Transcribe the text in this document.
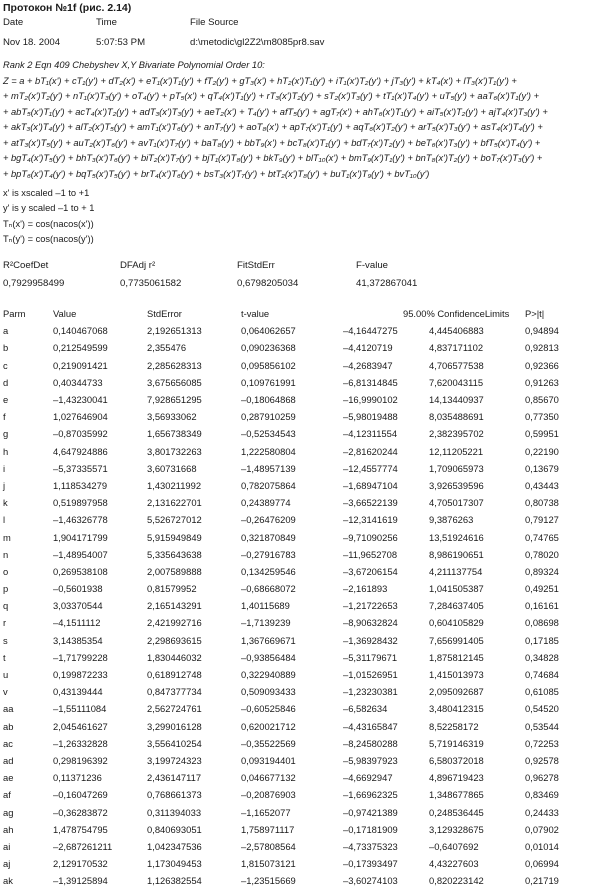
Протокон №1f (рис. 2.14)
Date	Time	File Source
Nov 18. 2004	5:07:53 PM	d:\metodic\gl2Z2\m8085pr8.sav
Rank 2 Eqn 409 Chebyshev X,Y Bivariate Polynomial Order 10:
Z = a + bT₁(x') + cT₁(y') + dT₂(x') + eT₁(x')T₁(y') + fT₂(y') + gT₃(x') + hT₂(x')T₁(y') + iT₁(x')T₂(y') + jT₃(y') + kT₄(x') + lT₃(x')T₁(y') +
+ mT₂(x')T₂(y') + nT₁(x')T₃(y') + oT₄(y') + pT₅(x') + qT₄(x')T₁(y') + rT₃(x')T₂(y') + sT₂(x')T₃(y') + tT₁(x')T₄(y') + uT₅(y') + aaT₆(x')T₁(y') +
+ abT₅(x')T₁(y') + acT₄(x')T₂(y') + adT₃(x')T₃(y') + aeT₂(x') + T₄(y') + afT₅(y') + agT₇(x') + ahT₆(x')T₁(y') + aiT₅(x')T₂(y') + ajT₄(x')T₃(y') +
+ akT₃(x')T₄(y') + alT₂(x')T₅(y') + amT₁(x')T₆(y') + anT₇(y') + aoT₈(x') + apT₇(x')T₁(y') + aqT₆(x')T₂(y') + arT₅(x')T₃(y') + asT₄(x')T₄(y') +
+ atT₃(x')T₅(y') + auT₂(x')T₆(y') + avT₁(x')T₇(y') + baT₈(y') + bbT₉(x') + bcT₈(x')T₁(y') + bdT₇(x')T₂(y') + beT₆(x')T₃(y') + bfT₅(x')T₄(y') +
+ bgT₄(x')T₅(y') + bhT₃(x')T₆(y') + biT₂(x')T₇(y') + bjT₁(x')T₈(y') + bkT₉(y') + blT₁₀(x') + bmT₉(x')T₁(y') + bnT₈(x')T₂(y') + boT₇(x')T₃(y') +
+ bpT₆(x')T₄(y') + bqT₅(x')T₅(y') + brT₄(x')T₆(y') + bsT₃(x')T₇(y') + btT₂(x')T₈(y') + buT₁(x')T₉(y') + bvT₁₀(y')
x' is xscaled –1 to +1
y' is y scaled –1 to + 1
Tₙ(x') = cos(nacos(x'))
Tₙ(y') = cos(nacos(y'))
R²CoefDet	DFAdj r²	FitStdErr	F-value
0,7929958499	0,7735061582	0,6798205034	41,372867041
Parm	Value	StdError	t-value	95.00% ConfidenceLimits		P>|t|
a	0,140467068	2,192651313	0,064062657	–4,16447275	4,445406883	0,94894
b	0,212549599	2,355476	0,090236368	–4,4120719	4,837171102	0,92813
c	0,219091421	2,285628313	0,095856102	–4,2683947	4,706577538	0,92366
d	0,40344733	3,675656085	0,109761991	–6,81314845	7,620043115	0,91263
e	–1,43230041	7,928651295	–0,18064868	–16,9990102	14,13440937	0,85670
f	1,027646904	3,56933062	0,287910259	–5,98019488	8,035488691	0,77350
g	–0,87035992	1,656738349	–0,52534543	–4,12311554	2,382395702	0,59951
h	4,647924886	3,801732263	1,222580804	–2,81620244	12,11205221	0,22190
i	–5,37335571	3,60731668	–1,48957139	–12,4557774	1,709065973	0,13679
j	1,118534279	1,430211992	0,782075864	–1,68947104	3,926539596	0,43443
k	0,519897958	2,131622701	0,24389774	–3,66522139	4,705017307	0,80738
l	–1,46326778	5,526727012	–0,26476209	–12,3141619	9,3876263	0,79127
m	1,904171799	5,915949849	0,321870849	–9,71090256	13,51924616	0,74765
n	–1,48954007	5,335643638	–0,27916783	–11,9652708	8,986190651	0,78020
o	0,269538108	2,007589888	0,134259546	–3,67206154	4,211137754	0,89324
p	–0,5601938	0,81579952	–0,68668072	–2,161893	1,041505387	0,49251
q	3,03370544	2,165143291	1,40115689	–1,21722653	7,284637405	0,16161
r	–4,1511112	2,421992716	–1,7139239	–8,90632824	0,604105829	0,08698
s	3,14385354	2,298693615	1,367669671	–1,36928432	7,656991405	0,17185
t	–1,71799228	1,830446032	–0,93856484	–5,31179671	1,875812145	0,34828
u	0,199872233	0,618912748	0,322940889	–1,01526951	1,415013973	0,74684
v	0,43139444	0,847377734	0,509093433	–1,23230381	2,095092687	0,61085
aa	–1,55111084	2,562724761	–0,60525846	–6,582634	3,480412315	0,54520
ab	2,045461627	3,299016128	0,620021712	–4,43165847	8,52258172	0,53544
ac	–1,26332828	3,556410254	–0,35522569	–8,24580288	5,719146319	0,72253
ad	0,298196392	3,199724323	0,093194401	–5,98397923	6,580372018	0,92578
ae	0,11371236	2,436147117	0,046677132	–4,6692947	4,896719423	0,96278
af	–0,16047269	0,768661373	–0,20876903	–1,66962325	1,348677865	0,83469
ag	–0,36283872	0,311394033	–1,1652077	–0,97421389	0,248536445	0,24433
ah	1,478754795	0,840693051	1,758971117	–0,17181909	3,129328675	0,07902
ai	–2,687261211	1,042347536	–2,57808564	–4,73375323	–0,6407692	0,01014
aj	2,129170532	1,173049453	1,815073121	–0,17393497	4,43227603	0,06994
ak	–1,39125894	1,126382554	–1,23515669	–3,60274103	0,820223142	0,21719
